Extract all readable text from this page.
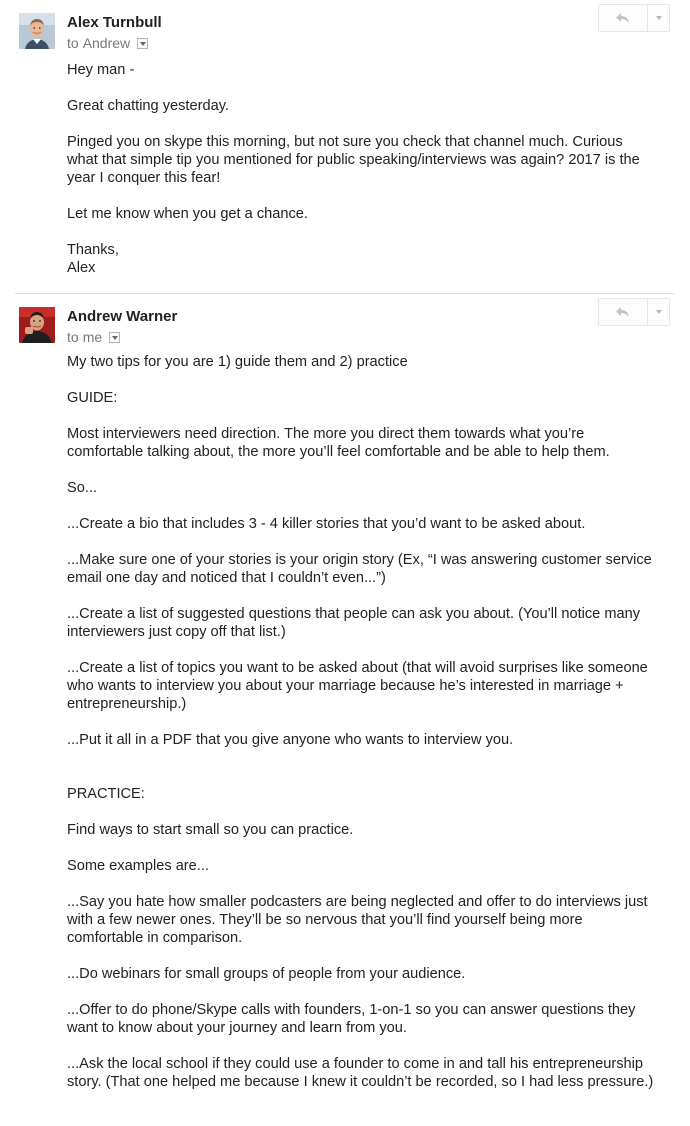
Alex Turnbull
to Andrew

Hey man -

Great chatting yesterday.

Pinged you on skype this morning, but not sure you check that channel much. Curious what that simple tip you mentioned for public speaking/interviews was again? 2017 is the year I conquer this fear!

Let me know when you get a chance.

Thanks,
Alex

Andrew Warner
to me

My two tips for you are 1) guide them and 2) practice

GUIDE:

Most interviewers need direction. The more you direct them towards what you’re comfortable talking about, the more you’ll feel comfortable and be able to help them.

So...

...Create a bio that includes 3 - 4 killer stories that you’d want to be asked about.

...Make sure one of your stories is your origin story (Ex, “I was answering customer service email one day and noticed that I couldn’t even...”)

...Create a list of suggested questions that people can ask you about. (You’ll notice many interviewers just copy off that list.)

...Create a list of topics you want to be asked about (that will avoid surprises like someone who wants to interview you about your marriage because he’s interested in marriage + entrepreneurship.)

...Put it all in a PDF that you give anyone who wants to interview you.

PRACTICE:

Find ways to start small so you can practice.

Some examples are...

...Say you hate how smaller podcasters are being neglected and offer to do interviews just with a few newer ones. They’ll be so nervous that you’ll find yourself being more comfortable in comparison.

...Do webinars for small groups of people from your audience.

...Offer to do phone/Skype calls with founders, 1-on-1 so you can answer questions they want to know about your journey and learn from you.

...Ask the local school if they could use a founder to come in and tall his entrepreneurship story. (That one helped me because I knew it couldn’t be recorded, so I had less pressure.)
